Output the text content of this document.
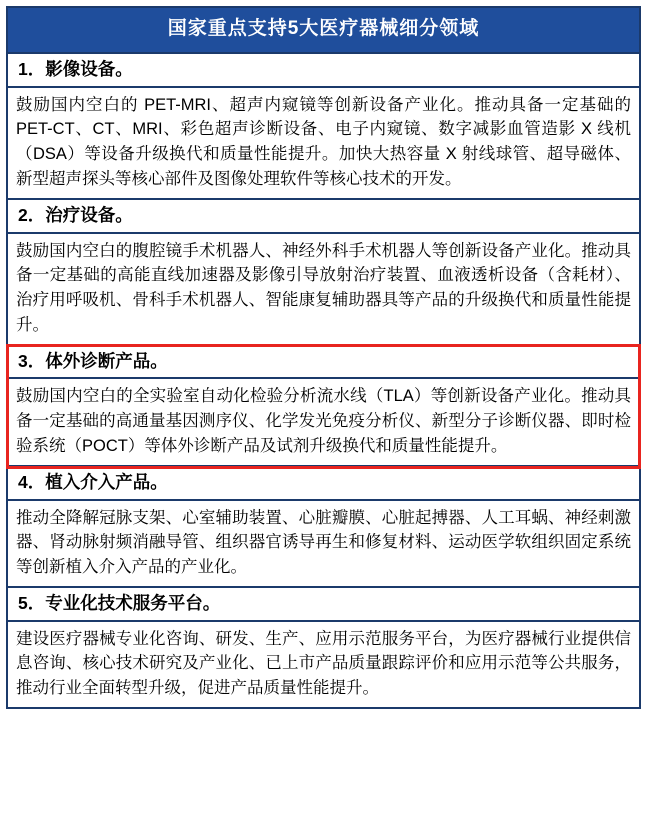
国家重点支持5大医疗器械细分领域
1．影像设备。
鼓励国内空白的 PET-MRI、超声内窥镜等创新设备产业化。推动具备一定基础的 PET-CT、CT、MRI、彩色超声诊断设备、电子内窥镜、数字减影血管造影 X 线机（DSA）等设备升级换代和质量性能提升。加快大热容量 X 射线球管、超导磁体、新型超声探头等核心部件及图像处理软件等核心技术的开发。
2．治疗设备。
鼓励国内空白的腹腔镜手术机器人、神经外科手术机器人等创新设备产业化。推动具备一定基础的高能直线加速器及影像引导放射治疗装置、血液透析设备（含耗材）、治疗用呼吸机、骨科手术机器人、智能康复辅助器具等产品的升级换代和质量性能提升。
3．体外诊断产品。
鼓励国内空白的全实验室自动化检验分析流水线（TLA）等创新设备产业化。推动具备一定基础的高通量基因测序仪、化学发光免疫分析仪、新型分子诊断仪器、即时检验系统（POCT）等体外诊断产品及试剂升级换代和质量性能提升。
4．植入介入产品。
推动全降解冠脉支架、心室辅助装置、心脏瓣膜、心脏起搏器、人工耳蜗、神经刺激器、肾动脉射频消融导管、组织器官诱导再生和修复材料、运动医学软组织固定系统等创新植入介入产品的产业化。
5．专业化技术服务平台。
建设医疗器械专业化咨询、研发、生产、应用示范服务平台，为医疗器械行业提供信息咨询、核心技术研究及产业化、已上市产品质量跟踪评价和应用示范等公共服务，推动行业全面转型升级，促进产品质量性能提升。
